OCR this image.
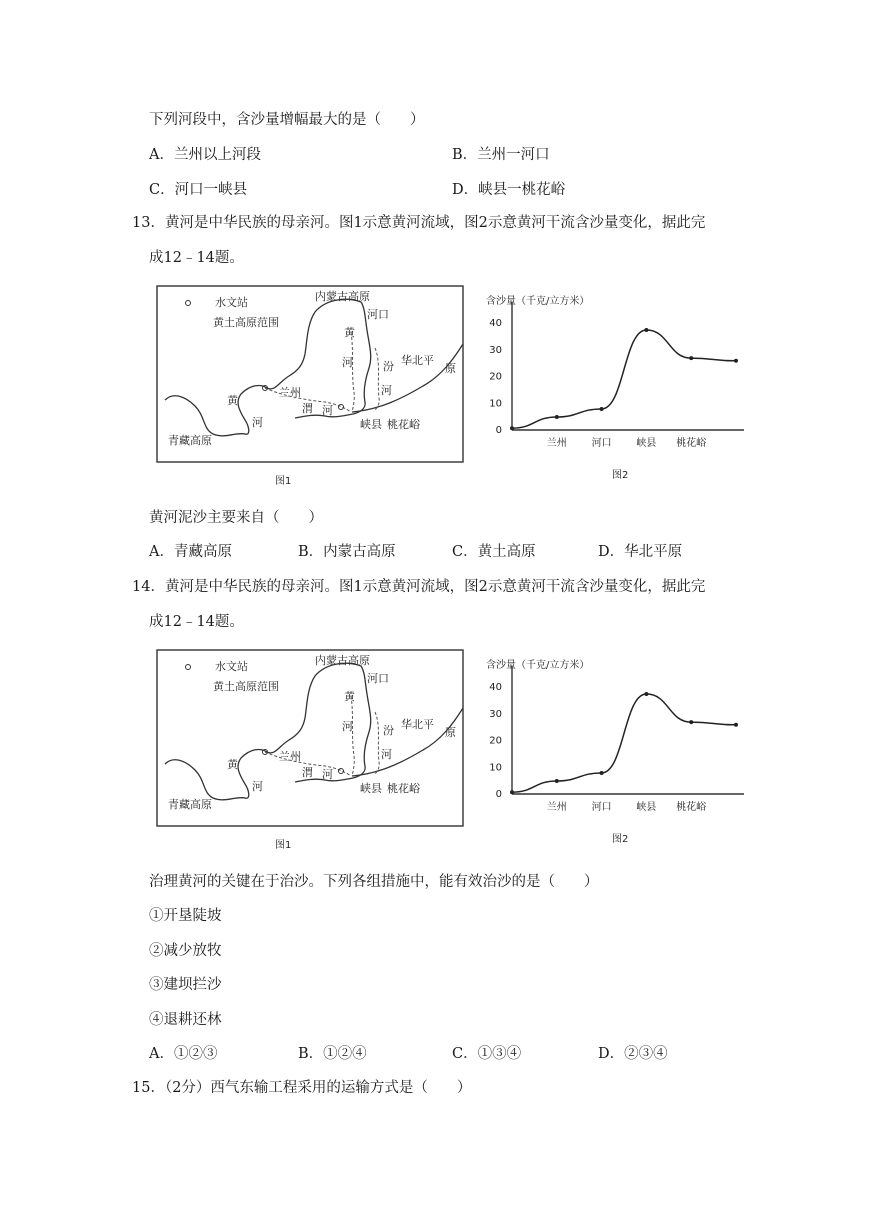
下列河段中，含沙量增幅最大的是（　　）
A．兰州以上河段	B．兰州一河口
C．河口一峡县	D．峡县一桃花峪
13．黄河是中华民族的母亲河。图1示意黄河流域，图2示意黄河干流含沙量变化，据此完
成12﹣14题。
水文站
黄土高原范围
内蒙古高原
河口
黄
河	汾
河
华北平
原
兰州
渭 河
黄
河
青藏高原
峡县 桃花峪
图1
含沙量（千克/立方米）
0
10
20
30
40
兰州 河口 峡县 桃花峪
图2
黄河泥沙主要来自（　　）
A．青藏高原	B．内蒙古高原	C．黄土高原	D．华北平原
14．黄河是中华民族的母亲河。图1示意黄河流域，图2示意黄河干流含沙量变化，据此完
成12﹣14题。
水文站
黄土高原范围
内蒙古高原
河口
黄
河	汾
河
华北平
原
兰州
渭 河
黄
河
青藏高原
峡县 桃花峪
图1
含沙量（千克/立方米）
0
10
20
30
40
兰州 河口 峡县 桃花峪
图2
治理黄河的关键在于治沙。下列各组措施中，能有效治沙的是（　　）
①开垦陡坡
②减少放牧
③建坝拦沙
④退耕还林
A．①②③	B．①②④	C．①③④	D．②③④
15．（2分）西气东输工程采用的运输方式是（　　）
